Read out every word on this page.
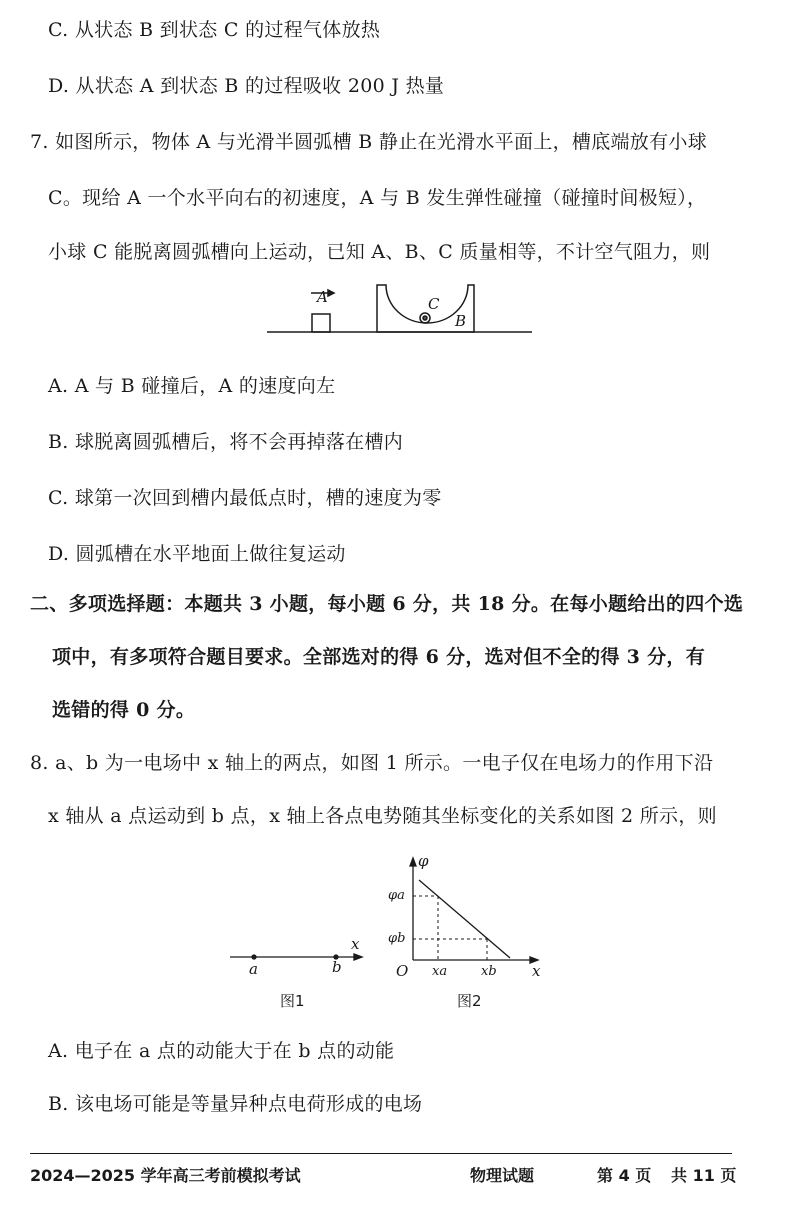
C. 从状态 B 到状态 C 的过程气体放热
D. 从状态 A 到状态 B 的过程吸收 200 J 热量
7. 如图所示，物体 A 与光滑半圆弧槽 B 静止在光滑水平面上，槽底端放有小球
C。现给 A 一个水平向右的初速度，A 与 B 发生弹性碰撞（碰撞时间极短），
小球 C 能脱离圆弧槽向上运动，已知 A、B、C 质量相等，不计空气阻力，则
A	C
B
A. A 与 B 碰撞后，A 的速度向左
B. 球脱离圆弧槽后，将不会再掉落在槽内
C. 球第一次回到槽内最低点时，槽的速度为零
D. 圆弧槽在水平地面上做往复运动
二、多项选择题：本题共 3 小题，每小题 6 分，共 18 分。在每小题给出的四个选
项中，有多项符合题目要求。全部选对的得 6 分，选对但不全的得 3 分，有
选错的得 0 分。
8. a、b 为一电场中 x 轴上的两点，如图 1 所示。一电子仅在电场力的作用下沿
x 轴从 a 点运动到 b 点，x 轴上各点电势随其坐标变化的关系如图 2 所示，则
x
a	b
图1
φ
φa
φb
O xa	xb x
图2
A. 电子在 a 点的动能大于在 b 点的动能
B. 该电场可能是等量异种点电荷形成的电场
2024—2025 学年高三考前模拟考试	物理试题	第 4 页 共 11 页
